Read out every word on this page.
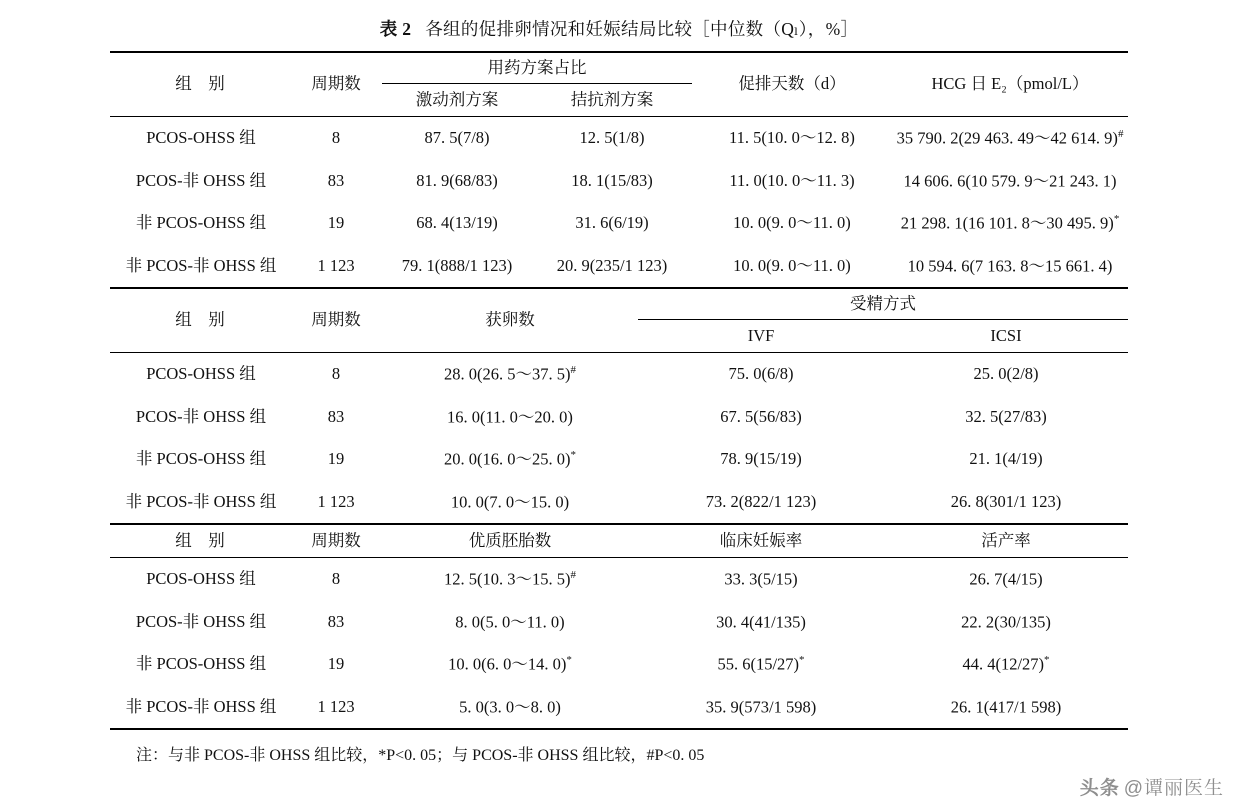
表 2 各组的促排卵情况和妊娠结局比较［中位数（Qₗ），%］
组　别	周期数	用药方案占比		促排天数（d）	HCG 日 E₂（pmol/L）
		激动剂方案	拮抗剂方案		
PCOS-OHSS 组	8	87. 5(7/8)	12. 5(1/8)	11. 5(10. 0～12. 8)	35 790. 2(29 463. 49～42 614. 9)#
PCOS-非 OHSS 组	83	81. 9(68/83)	18. 1(15/83)	11. 0(10. 0～11. 3)	14 606. 6(10 579. 9～21 243. 1)
非 PCOS-OHSS 组	19	68. 4(13/19)	31. 6(6/19)	10. 0(9. 0～11. 0)	21 298. 1(16 101. 8～30 495. 9)*
非 PCOS-非 OHSS 组	1 123	79. 1(888/1 123)	20. 9(235/1 123)	10. 0(9. 0～11. 0)	10 594. 6(7 163. 8～15 661. 4)
组　别	周期数	获卵数	受精方式	
			IVF	ICSI
PCOS-OHSS 组	8	28. 0(26. 5～37. 5)#	75. 0(6/8)	25. 0(2/8)
PCOS-非 OHSS 组	83	16. 0(11. 0～20. 0)	67. 5(56/83)	32. 5(27/83)
非 PCOS-OHSS 组	19	20. 0(16. 0～25. 0)*	78. 9(15/19)	21. 1(4/19)
非 PCOS-非 OHSS 组	1 123	10. 0(7. 0～15. 0)	73. 2(822/1 123)	26. 8(301/1 123)
组　别	周期数	优质胚胎数	临床妊娠率	活产率
PCOS-OHSS 组	8	12. 5(10. 3～15. 5)#	33. 3(5/15)	26. 7(4/15)
PCOS-非 OHSS 组	83	8. 0(5. 0～11. 0)	30. 4(41/135)	22. 2(30/135)
非 PCOS-OHSS 组	19	10. 0(6. 0～14. 0)*	55. 6(15/27)*	44. 4(12/27)*
非 PCOS-非 OHSS 组	1 123	5. 0(3. 0～8. 0)	35. 9(573/1 598)	26. 1(417/1 598)
注：与非 PCOS-非 OHSS 组比较，*P<0. 05；与 PCOS-非 OHSS 组比较，#P<0. 05
头条 @谭丽医生
